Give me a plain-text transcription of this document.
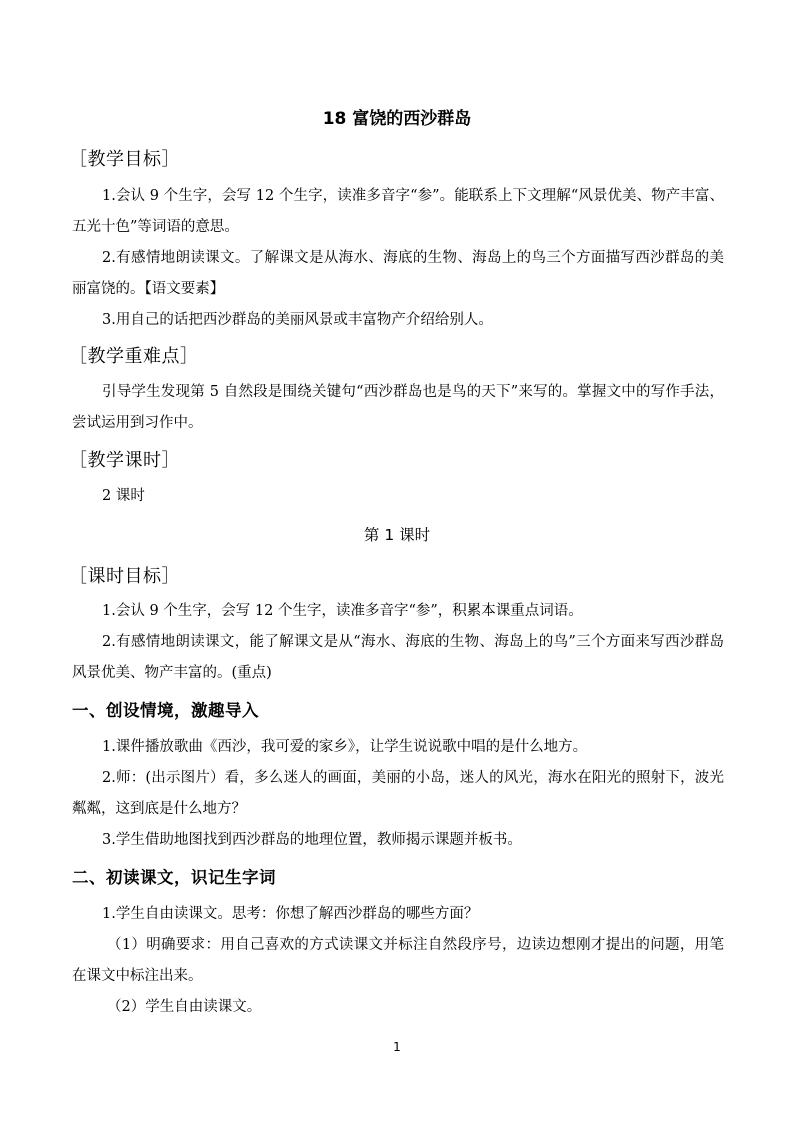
18 富饶的西沙群岛
［教学目标］

1.会认 9 个生字，会写 12 个生字，读准多音字“参”。能联系上下文理解“风景优美、物产丰富、五光十色”等词语的意思。

2.有感情地朗读课文。了解课文是从海水、海底的生物、海岛上的鸟三个方面描写西沙群岛的美丽富饶的。【语文要素】

3.用自己的话把西沙群岛的美丽风景或丰富物产介绍给别人。

［教学重难点］

引导学生发现第 5 自然段是围绕关键句“西沙群岛也是鸟的天下”来写的。掌握文中的写作手法，尝试运用到习作中。

［教学课时］

2 课时

第 1 课时
［课时目标］

1.会认 9 个生字，会写 12 个生字，读准多音字“参”，积累本课重点词语。

2.有感情地朗读课文，能了解课文是从“海水、海底的生物、海岛上的鸟”三个方面来写西沙群岛风景优美、物产丰富的。(重点)

一、创设情境，激趣导入

1.课件播放歌曲《西沙，我可爱的家乡》，让学生说说歌中唱的是什么地方。

2.师：(出示图片）看，多么迷人的画面，美丽的小岛，迷人的风光，海水在阳光的照射下，波光粼粼，这到底是什么地方？

3.学生借助地图找到西沙群岛的地理位置，教师揭示课题并板书。

二、初读课文，识记生字词

1.学生自由读课文。思考：你想了解西沙群岛的哪些方面？

（1）明确要求：用自己喜欢的方式读课文并标注自然段序号，边读边想刚才提出的问题，用笔在课文中标注出来。

（2）学生自由读课文。

1
